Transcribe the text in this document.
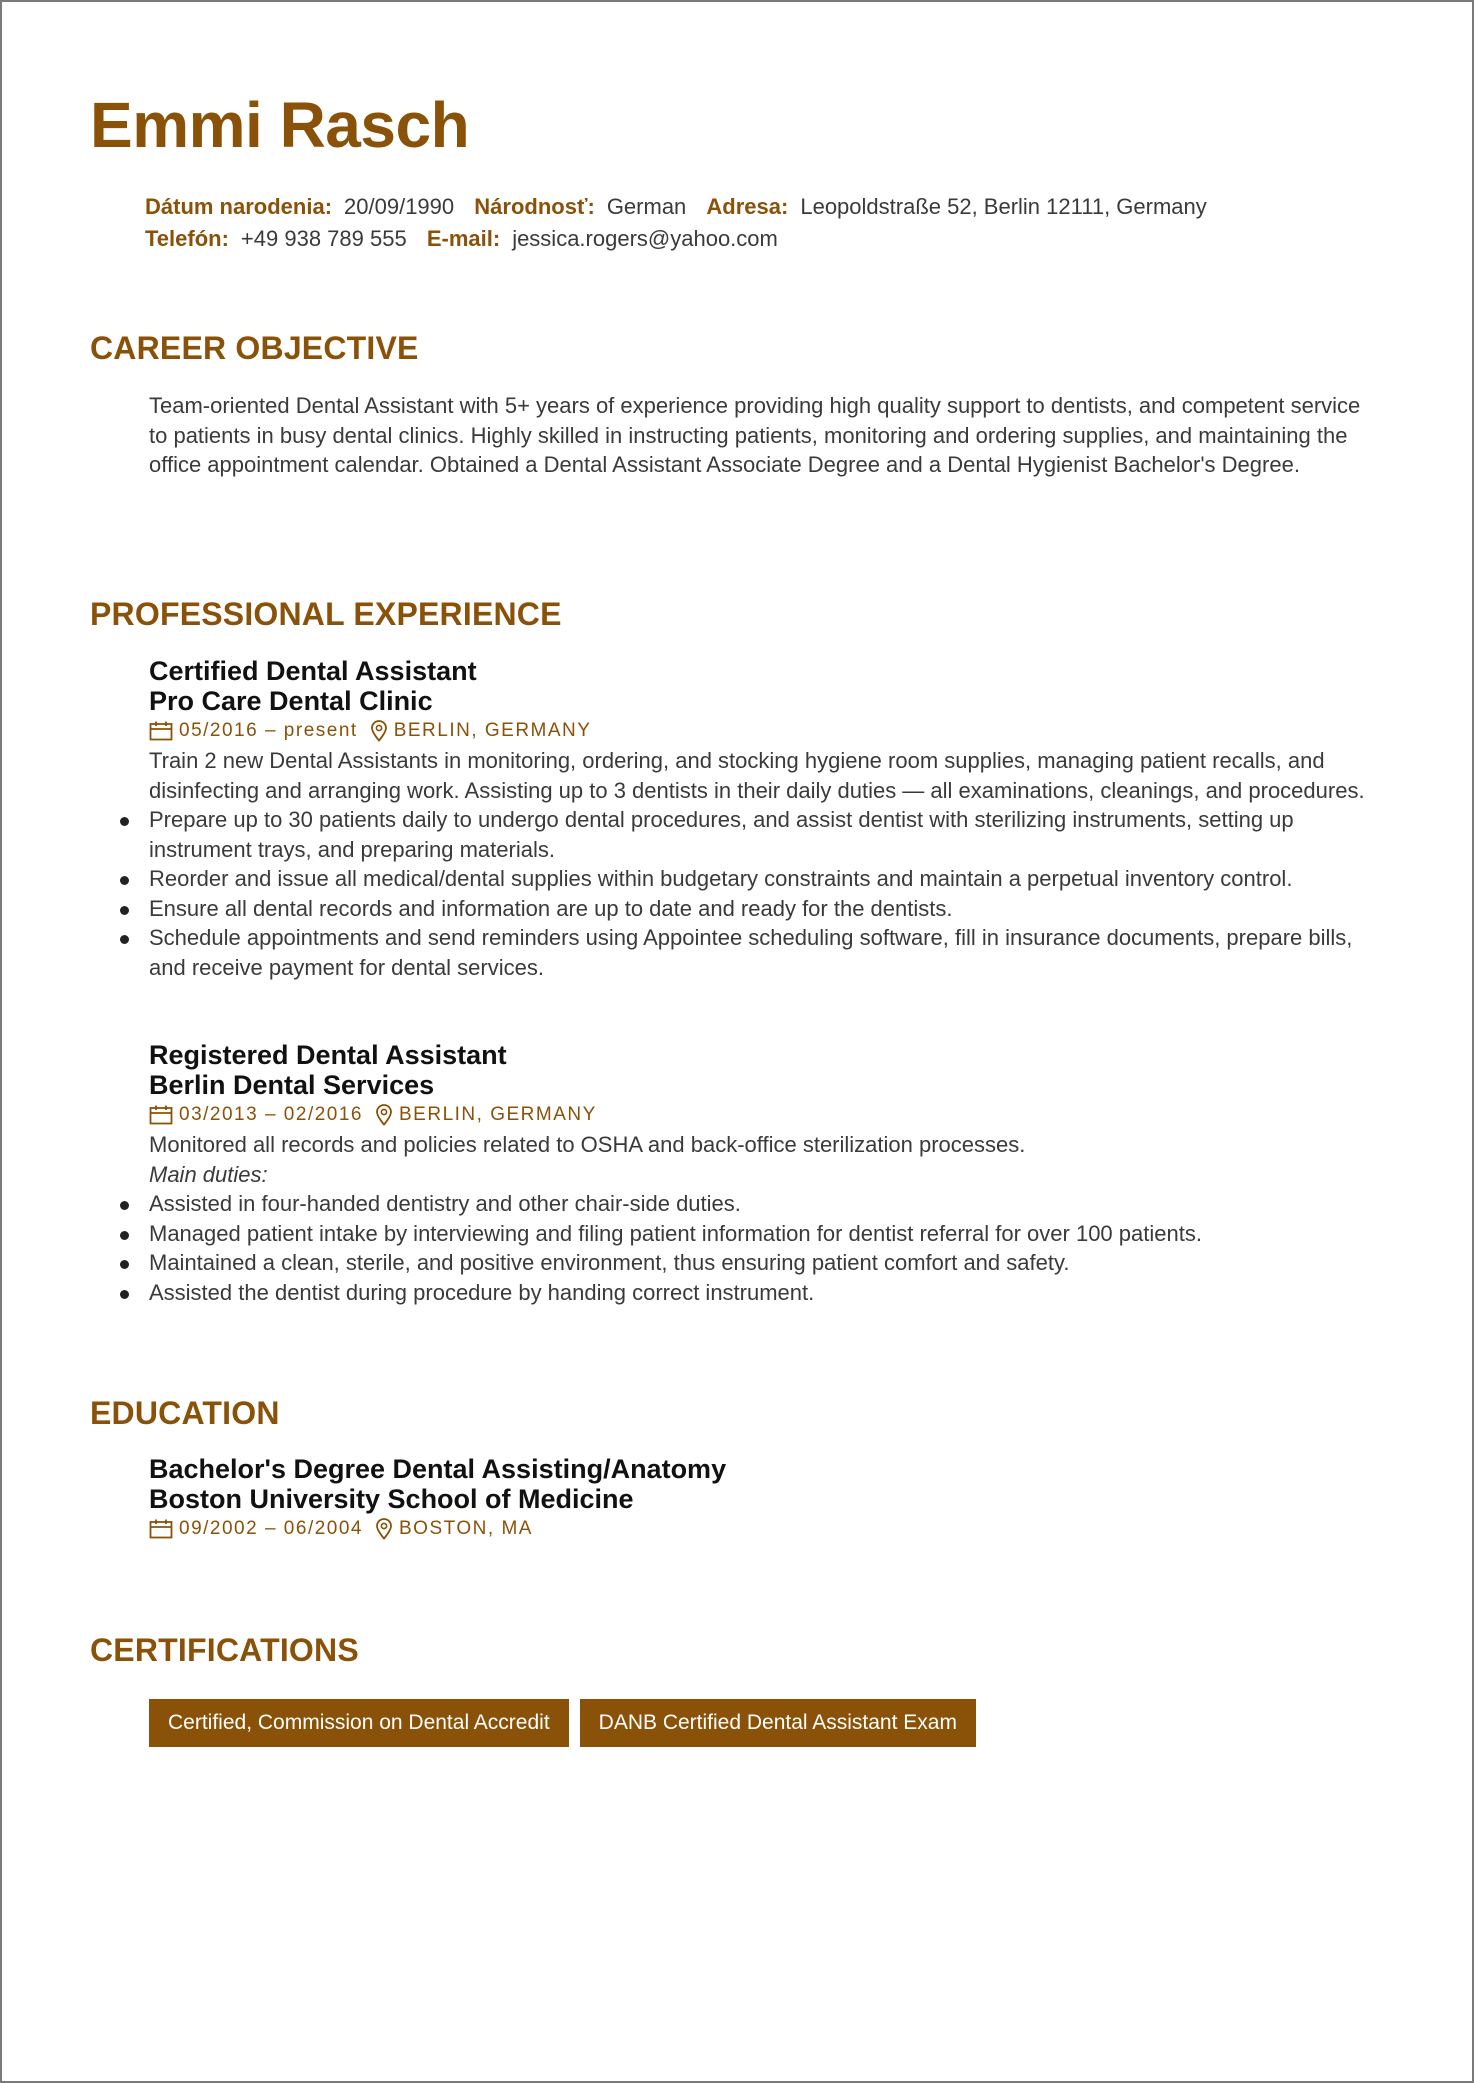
Emmi Rasch
Dátum narodenia: 20/09/1990 Národnosť: German Adresa: Leopoldstraße 52, Berlin 12111, Germany
Telefón: +49 938 789 555 E-mail: jessica.rogers@yahoo.com
CAREER OBJECTIVE
Team-oriented Dental Assistant with 5+ years of experience providing high quality support to dentists, and competent service to patients in busy dental clinics. Highly skilled in instructing patients, monitoring and ordering supplies, and maintaining the office appointment calendar. Obtained a Dental Assistant Associate Degree and a Dental Hygienist Bachelor's Degree.
PROFESSIONAL EXPERIENCE
Certified Dental Assistant
Pro Care Dental Clinic
05/2016 – present BERLIN, GERMANY
Train 2 new Dental Assistants in monitoring, ordering, and stocking hygiene room supplies, managing patient recalls, and disinfecting and arranging work. Assisting up to 3 dentists in their daily duties — all examinations, cleanings, and procedures.
Prepare up to 30 patients daily to undergo dental procedures, and assist dentist with sterilizing instruments, setting up instrument trays, and preparing materials.
Reorder and issue all medical/dental supplies within budgetary constraints and maintain a perpetual inventory control.
Ensure all dental records and information are up to date and ready for the dentists.
Schedule appointments and send reminders using Appointee scheduling software, fill in insurance documents, prepare bills, and receive payment for dental services.
Registered Dental Assistant
Berlin Dental Services
03/2013 – 02/2016 BERLIN, GERMANY
Monitored all records and policies related to OSHA and back-office sterilization processes.
Main duties:
Assisted in four-handed dentistry and other chair-side duties.
Managed patient intake by interviewing and filing patient information for dentist referral for over 100 patients.
Maintained a clean, sterile, and positive environment, thus ensuring patient comfort and safety.
Assisted the dentist during procedure by handing correct instrument.
EDUCATION
Bachelor's Degree Dental Assisting/Anatomy
Boston University School of Medicine
09/2002 – 06/2004 BOSTON, MA
CERTIFICATIONS
Certified, Commission on Dental Accredit	DANB Certified Dental Assistant Exam
